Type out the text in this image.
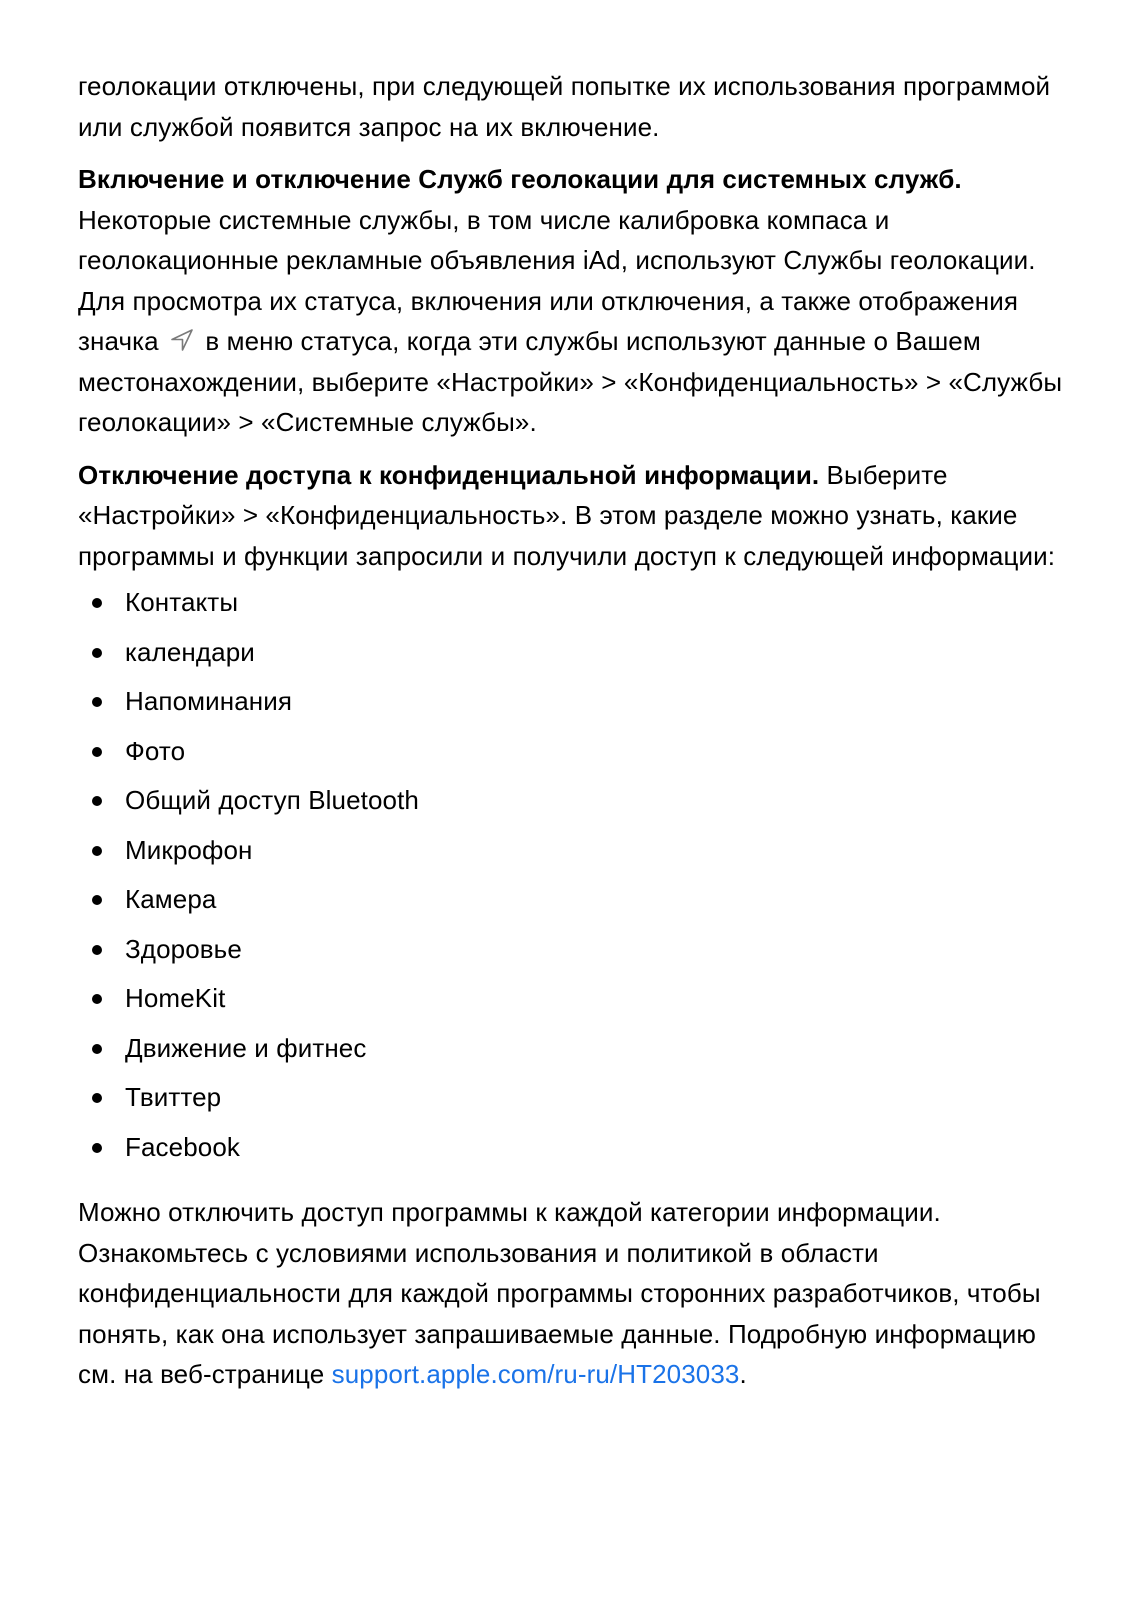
геолокации отключены, при следующей попытке их использования программой или службой появится запрос на их включение.

Включение и отключение Служб геолокации для системных служб. Некоторые системные службы, в том числе калибровка компаса и геолокационные рекламные объявления iAd, используют Службы геолокации. Для просмотра их статуса, включения или отключения, а также отображения значка  в меню статуса, когда эти службы используют данные о Вашем местонахождении, выберите «Настройки» > «Конфиденциальность» > «Службы геолокации» > «Системные службы».

Отключение доступа к конфиденциальной информации. Выберите «Настройки» > «Конфиденциальность». В этом разделе можно узнать, какие программы и функции запросили и получили доступ к следующей информации:

Контакты
календари
Напоминания
Фото
Общий доступ Bluetooth
Микрофон
Камера
Здоровье
HomeKit
Движение и фитнес
Твиттер
Facebook

Можно отключить доступ программы к каждой категории информации. Ознакомьтесь с условиями использования и политикой в области конфиденциальности для каждой программы сторонних разработчиков, чтобы понять, как она использует запрашиваемые данные. Подробную информацию см. на веб-странице support.apple.com/ru-ru/HT203033.
